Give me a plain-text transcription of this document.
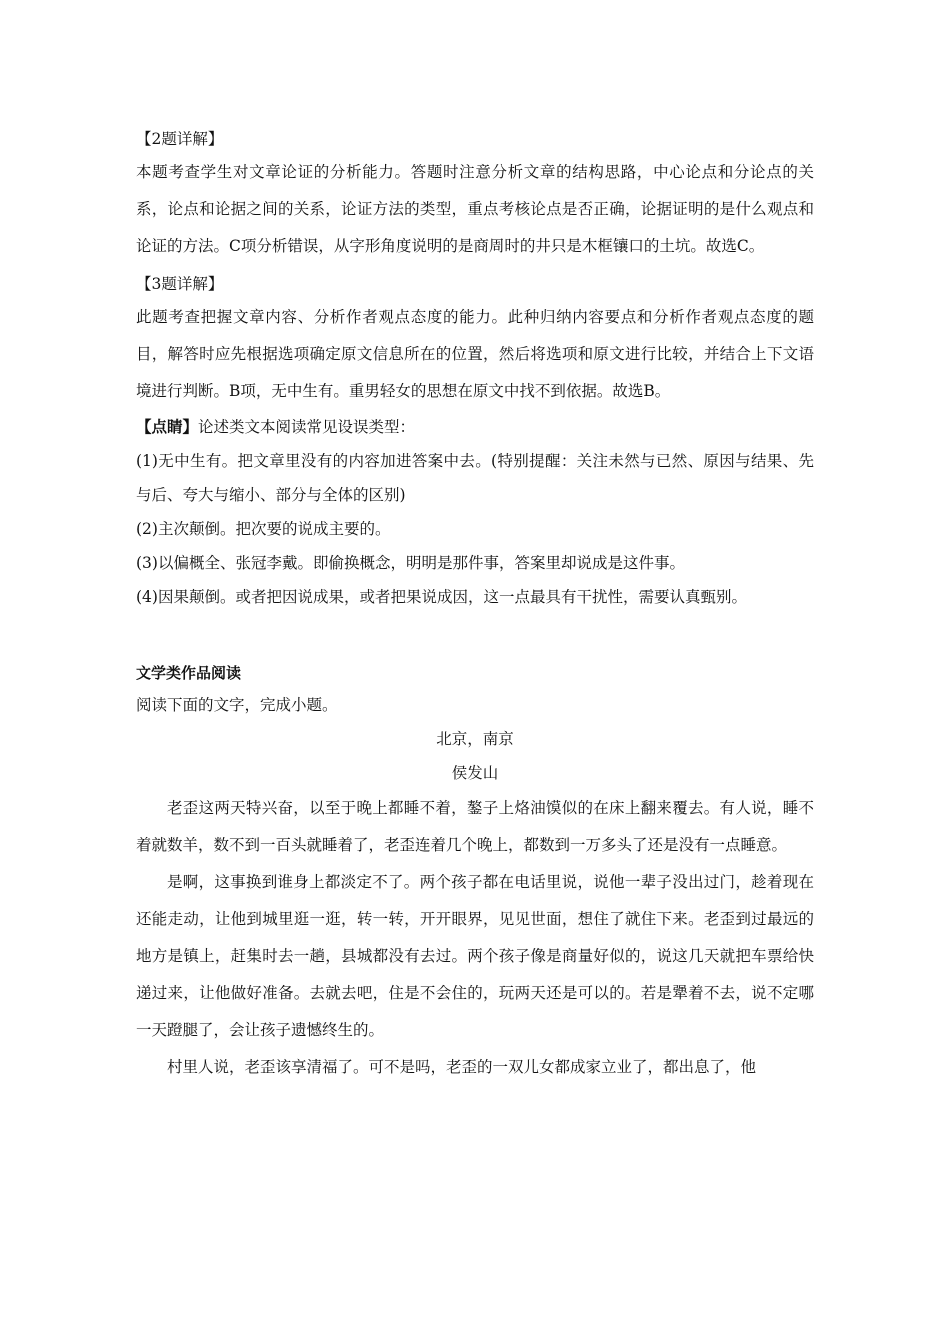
【2题详解】
本题考查学生对文章论证的分析能力。答题时注意分析文章的结构思路，中心论点和分论点的关系，论点和论据之间的关系，论证方法的类型，重点考核论点是否正确，论据证明的是什么观点和论证的方法。C项分析错误，从字形角度说明的是商周时的井只是木框镶口的土坑。故选C。
【3题详解】
此题考查把握文章内容、分析作者观点态度的能力。此种归纳内容要点和分析作者观点态度的题目，解答时应先根据选项确定原文信息所在的位置，然后将选项和原文进行比较，并结合上下文语境进行判断。B项，无中生有。重男轻女的思想在原文中找不到依据。故选B。
【点睛】论述类文本阅读常见设误类型：
(1)无中生有。把文章里没有的内容加进答案中去。(特别提醒：关注未然与已然、原因与结果、先与后、夸大与缩小、部分与全体的区别)
(2)主次颠倒。把次要的说成主要的。
(3)以偏概全、张冠李戴。即偷换概念，明明是那件事，答案里却说成是这件事。
(4)因果颠倒。或者把因说成果，或者把果说成因，这一点最具有干扰性，需要认真甄别。
文学类作品阅读
阅读下面的文字，完成小题。
北京，南京
侯发山
老歪这两天特兴奋，以至于晚上都睡不着，鏊子上烙油馍似的在床上翻来覆去。有人说，睡不着就数羊，数不到一百头就睡着了，老歪连着几个晚上，都数到一万多头了还是没有一点睡意。
是啊，这事换到谁身上都淡定不了。两个孩子都在电话里说，说他一辈子没出过门，趁着现在还能走动，让他到城里逛一逛，转一转，开开眼界，见见世面，想住了就住下来。老歪到过最远的地方是镇上，赶集时去一趟，县城都没有去过。两个孩子像是商量好似的，说这几天就把车票给快递过来，让他做好准备。去就去吧，住是不会住的，玩两天还是可以的。若是犟着不去，说不定哪一天蹬腿了，会让孩子遗憾终生的。
村里人说，老歪该享清福了。可不是吗，老歪的一双儿女都成家立业了，都出息了，他
